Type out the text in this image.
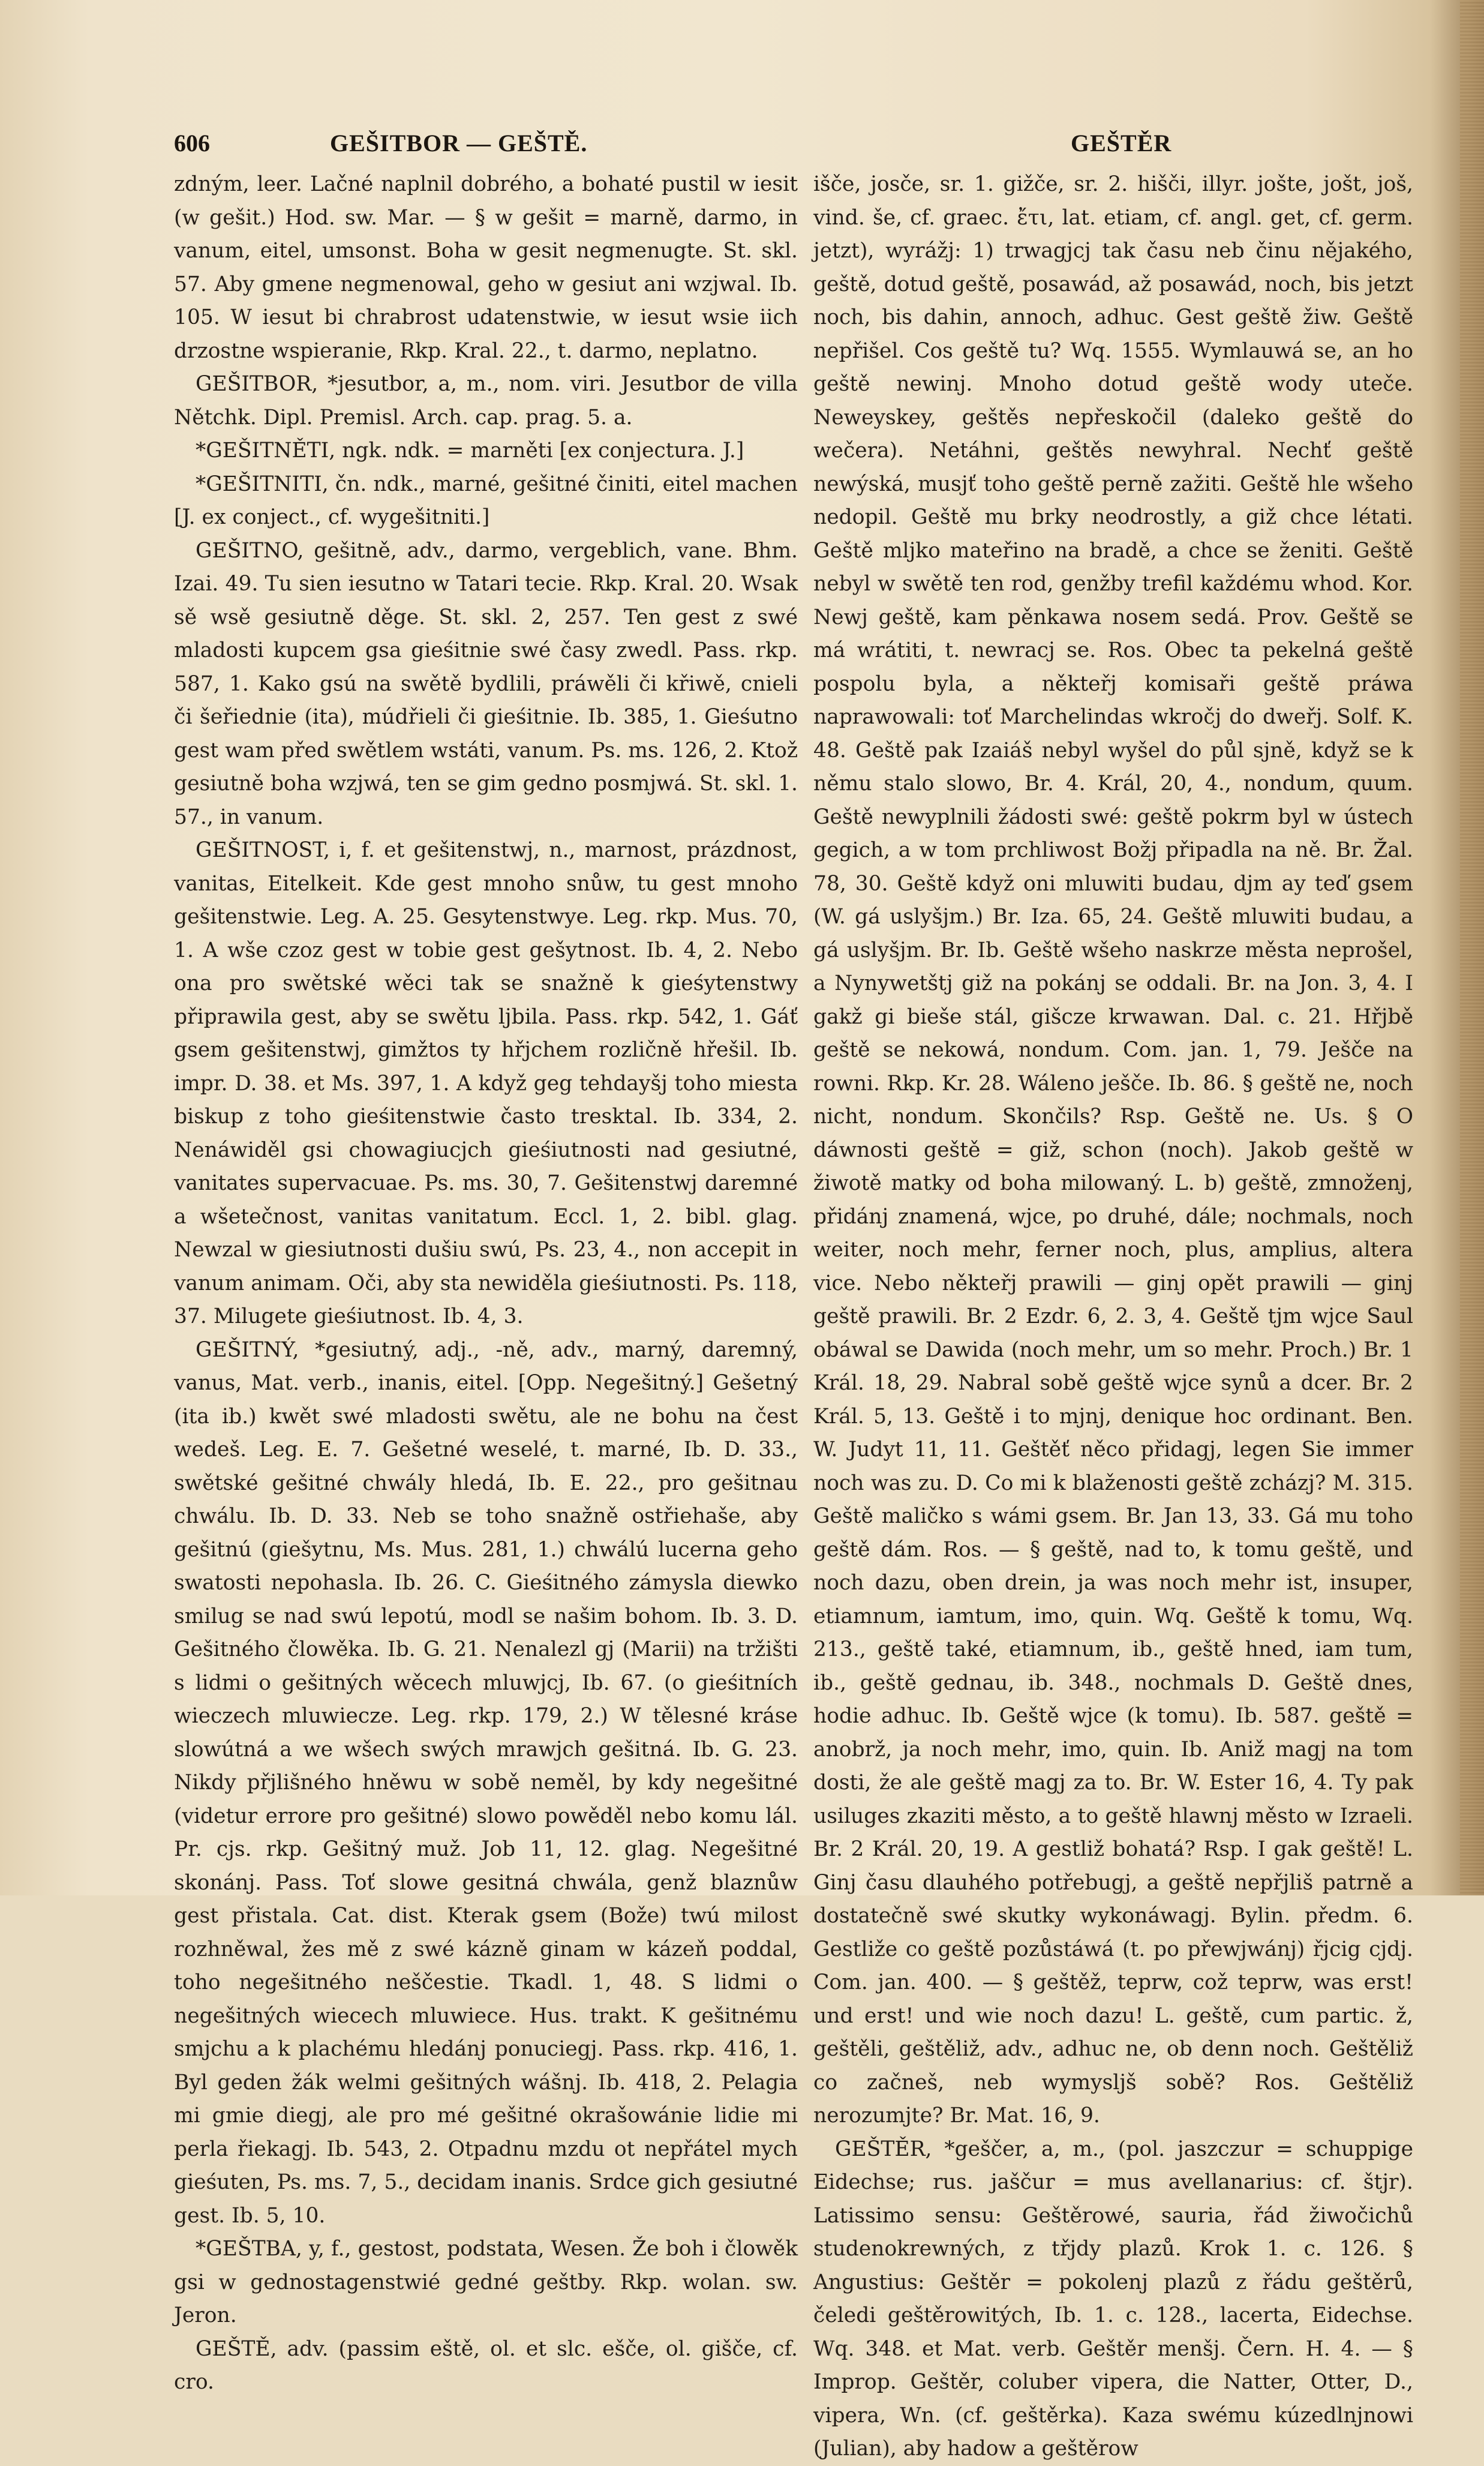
606	GEŠITBOR — GEŠTĚ.	GEŠTĚR

zdným, leer. Lačné naplnil dobrého, a bohaté pustil w iesit (w gešit.) Hod. sw. Mar. — § w gešit = marně, darmo, in vanum, eitel, umsonst. Boha w gesit negmenugte. St. skl. 57. Aby gmene negmenowal, geho w gesiut ani wzjwal. Ib. 105. W iesut bi chrabrost udatenstwie, w iesut wsie iich drzostne wspieranie, Rkp. Kral. 22., t. darmo, neplatno.

GEŠITBOR, *jesutbor, a, m., nom. viri. Jesutbor de villa Nětchk. Dipl. Premisl. Arch. cap. prag. 5. a.

*GEŠITNĚTI, ngk. ndk. = marněti [ex conjectura. J.]

*GEŠITNITI, čn. ndk., marné, gešitné činiti, eitel machen [J. ex conject., cf. wygešitniti.]

GEŠITNO, gešitně, adv., darmo, vergeblich, vane. Bhm. Izai. 49. Tu sien iesutno w Tatari tecie. Rkp. Kral. 20. Wsak sě wsě gesiutně děge. St. skl. 2, 257. Ten gest z swé mladosti kupcem gsa gieśitnie swé časy zwedl. Pass. rkp. 587, 1. Kako gsú na swětě bydlili, práwěli či křiwě, cnieli či šeřiednie (ita), múdřieli či gieśitnie. Ib. 385, 1. Gieśutno gest wam před swětlem wstáti, vanum. Ps. ms. 126, 2. Ktož gesiutně boha wzjwá, ten se gim gedno posmjwá. St. skl. 1. 57., in vanum.

GEŠITNOST, i, f. et gešitenstwj, n., marnost, prázdnost, vanitas, Eitelkeit. Kde gest mnoho snůw, tu gest mnoho gešitenstwie. Leg. A. 25. Gesytenstwye. Leg. rkp. Mus. 70, 1. A wše czoz gest w tobie gest gešytnost. Ib. 4, 2. Nebo ona pro swětské wěci tak se snažně k gieśytenstwy připrawila gest, aby se swětu ljbila. Pass. rkp. 542, 1. Gáť gsem gešitenstwj, gimžtos ty hřjchem rozličně hřešil. Ib. impr. D. 38. et Ms. 397, 1. A když geg tehdayšj toho miesta biskup z toho gieśitenstwie často tresktal. Ib. 334, 2. Nenáwiděl gsi chowagiucjch gieśiutnosti nad gesiutné, vanitates supervacuae. Ps. ms. 30, 7. Gešitenstwj daremné a wšetečnost, vanitas vanitatum. Eccl. 1, 2. bibl. glag. Newzal w giesiutnosti dušiu swú, Ps. 23, 4., non accepit in vanum animam. Oči, aby sta newiděla gieśiutnosti. Ps. 118, 37. Milugete gieśiutnost. Ib. 4, 3.

GEŠITNÝ, *gesiutný, adj., -ně, adv., marný, daremný, vanus, Mat. verb., inanis, eitel. [Opp. Negešitný.] Gešetný (ita ib.) kwět swé mladosti swětu, ale ne bohu na čest wedeš. Leg. E. 7. Gešetné weselé, t. marné, Ib. D. 33., swětské gešitné chwály hledá, Ib. E. 22., pro gešitnau chwálu. Ib. D. 33. Neb se toho snažně ostřiehaše, aby gešitnú (giešytnu, Ms. Mus. 281, 1.) chwálú lucerna geho swatosti nepohasla. Ib. 26. C. Gieśitného zámysla diewko smilug se nad swú lepotú, modl se našim bohom. Ib. 3. D. Gešitného člowěka. Ib. G. 21. Nenalezl gj (Marii) na tržišti s lidmi o gešitných wěcech mluwjcj, Ib. 67. (o gieśitních wieczech mluwiecze. Leg. rkp. 179, 2.) W tělesné kráse slowútná a we wšech swých mrawjch gešitná. Ib. G. 23. Nikdy přjlišného hněwu w sobě neměl, by kdy negešitné (videtur errore pro gešitné) slowo powěděl nebo komu lál. Pr. cjs. rkp. Gešitný muž. Job 11, 12. glag. Negešitné skonánj. Pass. Toť slowe gesitná chwála, genž blaznůw gest přistala. Cat. dist. Kterak gsem (Bože) twú milost rozhněwal, žes mě z swé kázně ginam w kázeň poddal, toho negešitného neščestie. Tkadl. 1, 48. S lidmi o negešitných wiecech mluwiece. Hus. trakt. K gešitnému smjchu a k plachému hledánj ponuciegj. Pass. rkp. 416, 1. Byl geden žák welmi gešitných wášnj. Ib. 418, 2. Pelagia mi gmie diegj, ale pro mé gešitné okrašowánie lidie mi perla řiekagj. Ib. 543, 2. Otpadnu mzdu ot nepřátel mych gieśuten, Ps. ms. 7, 5., decidam inanis. Srdce gich gesiutné gest. Ib. 5, 10.

*GEŠTBA, y, f., gestost, podstata, Wesen. Že boh i člowěk gsi w gednostagenstwié gedné geštby. Rkp. wolan. sw. Jeron.

GEŠTĚ, adv. (passim eště, ol. et slc. ešče, ol. gišče, cf. cro.

išče, josče, sr. 1. gižče, sr. 2. hišči, illyr. jošte, jošt, još, vind. še, cf. graec. ἔτι, lat. etiam, cf. angl. get, cf. germ. jetzt), wyrážj: 1) trwagjcj tak času neb činu nějakého, geště, dotud geště, posawád, až posawád, noch, bis jetzt noch, bis dahin, annoch, adhuc. Gest geště žiw. Geště nepřišel. Cos geště tu? Wq. 1555. Wymlauwá se, an ho geště newinj. Mnoho dotud geště wody uteče. Neweyskey, geštěs nepřeskočil (daleko geště do wečera). Netáhni, geštěs newyhral. Nechť geště newýská, musjť toho geště perně zažiti. Geště hle wšeho nedopil. Geště mu brky neodrostly, a giž chce létati. Geště mljko mateřino na bradě, a chce se ženiti. Geště nebyl w swětě ten rod, genžby trefil každému whod. Kor. Newj geště, kam pěnkawa nosem sedá. Prov. Geště se má wrátiti, t. newracj se. Ros. Obec ta pekelná geště pospolu byla, a někteřj komisaři geště práwa naprawowali: toť Marchelindas wkročj do dweřj. Solf. K. 48. Geště pak Izaiáš nebyl wyšel do půl sjně, když se k němu stalo slowo, Br. 4. Král, 20, 4., nondum, quum. Geště newyplnili žádosti swé: geště pokrm byl w ústech gegich, a w tom prchliwost Božj připadla na ně. Br. Žal. 78, 30. Geště když oni mluwiti budau, djm ay teď gsem (W. gá uslyšjm.) Br. Iza. 65, 24. Geště mluwiti budau, a gá uslyšjm. Br. Ib. Geště wšeho naskrze města neprošel, a Nynywetštj giž na pokánj se oddali. Br. na Jon. 3, 4. I gakž gi bieše stál, gišcze krwawan. Dal. c. 21. Hřjbě geště se nekowá, nondum. Com. jan. 1, 79. Ješče na rowni. Rkp. Kr. 28. Wáleno ješče. Ib. 86. § geště ne, noch nicht, nondum. Skončils? Rsp. Geště ne. Us. § O dáwnosti geště = giž, schon (noch). Jakob geště w žiwotě matky od boha milowaný. L. b) geště, zmnoženj, přidánj znamená, wjce, po druhé, dále; nochmals, noch weiter, noch mehr, ferner noch, plus, amplius, altera vice. Nebo někteřj prawili — ginj opět prawili — ginj geště prawili. Br. 2 Ezdr. 6, 2. 3, 4. Geště tjm wjce Saul obáwal se Dawida (noch mehr, um so mehr. Proch.) Br. 1 Král. 18, 29. Nabral sobě geště wjce synů a dcer. Br. 2 Král. 5, 13. Geště i to mjnj, denique hoc ordinant. Ben. W. Judyt 11, 11. Geštěť něco přidagj, legen Sie immer noch was zu. D. Co mi k blaženosti geště zcházj? M. 315. Geště maličko s wámi gsem. Br. Jan 13, 33. Gá mu toho geště dám. Ros. — § geště, nad to, k tomu geště, und noch dazu, oben drein, ja was noch mehr ist, insuper, etiamnum, iamtum, imo, quin. Wq. Geště k tomu, Wq. 213., geště také, etiamnum, ib., geště hned, iam tum, ib., geště gednau, ib. 348., nochmals D. Geště dnes, hodie adhuc. Ib. Geště wjce (k tomu). Ib. 587. geště = anobrž, ja noch mehr, imo, quin. Ib. Aniž magj na tom dosti, že ale geště magj za to. Br. W. Ester 16, 4. Ty pak usiluges zkaziti město, a to geště hlawnj město w Izraeli. Br. 2 Král. 20, 19. A gestliž bohatá? Rsp. I gak geště! L. Ginj času dlauhého potřebugj, a geště nepřjliš patrně a dostatečně swé skutky wykonáwagj. Bylin. předm. 6. Gestliže co geště pozůstáwá (t. po přewjwánj) řjcig cjdj. Com. jan. 400. — § geštěž, teprw, což teprw, was erst! und erst! und wie noch dazu! L. geště, cum partic. ž, geštěli, geštěliž, adv., adhuc ne, ob denn noch. Geštěliž co začneš, neb wymysljš sobě? Ros. Geštěliž nerozumjte? Br. Mat. 16, 9.

GEŠTĚR, *geščer, a, m., (pol. jaszczur = schuppige Eidechse; rus. jaščur = mus avellanarius: cf. štjr). Latissimo sensu: Geštěrowé, sauria, řád žiwočichů studenokrewných, z třjdy plazů. Krok 1. c. 126. § Angustius: Geštěr = pokolenj plazů z řádu geštěrů, čeledi geštěrowitých, Ib. 1. c. 128., lacerta, Eidechse. Wq. 348. et Mat. verb. Geštěr menšj. Čern. H. 4. — § Improp. Geštěr, coluber vipera, die Natter, Otter, D., vipera, Wn. (cf. geštěrka). Kaza swému kúzedlnjnowi (Julian), aby hadow a geštěrow
